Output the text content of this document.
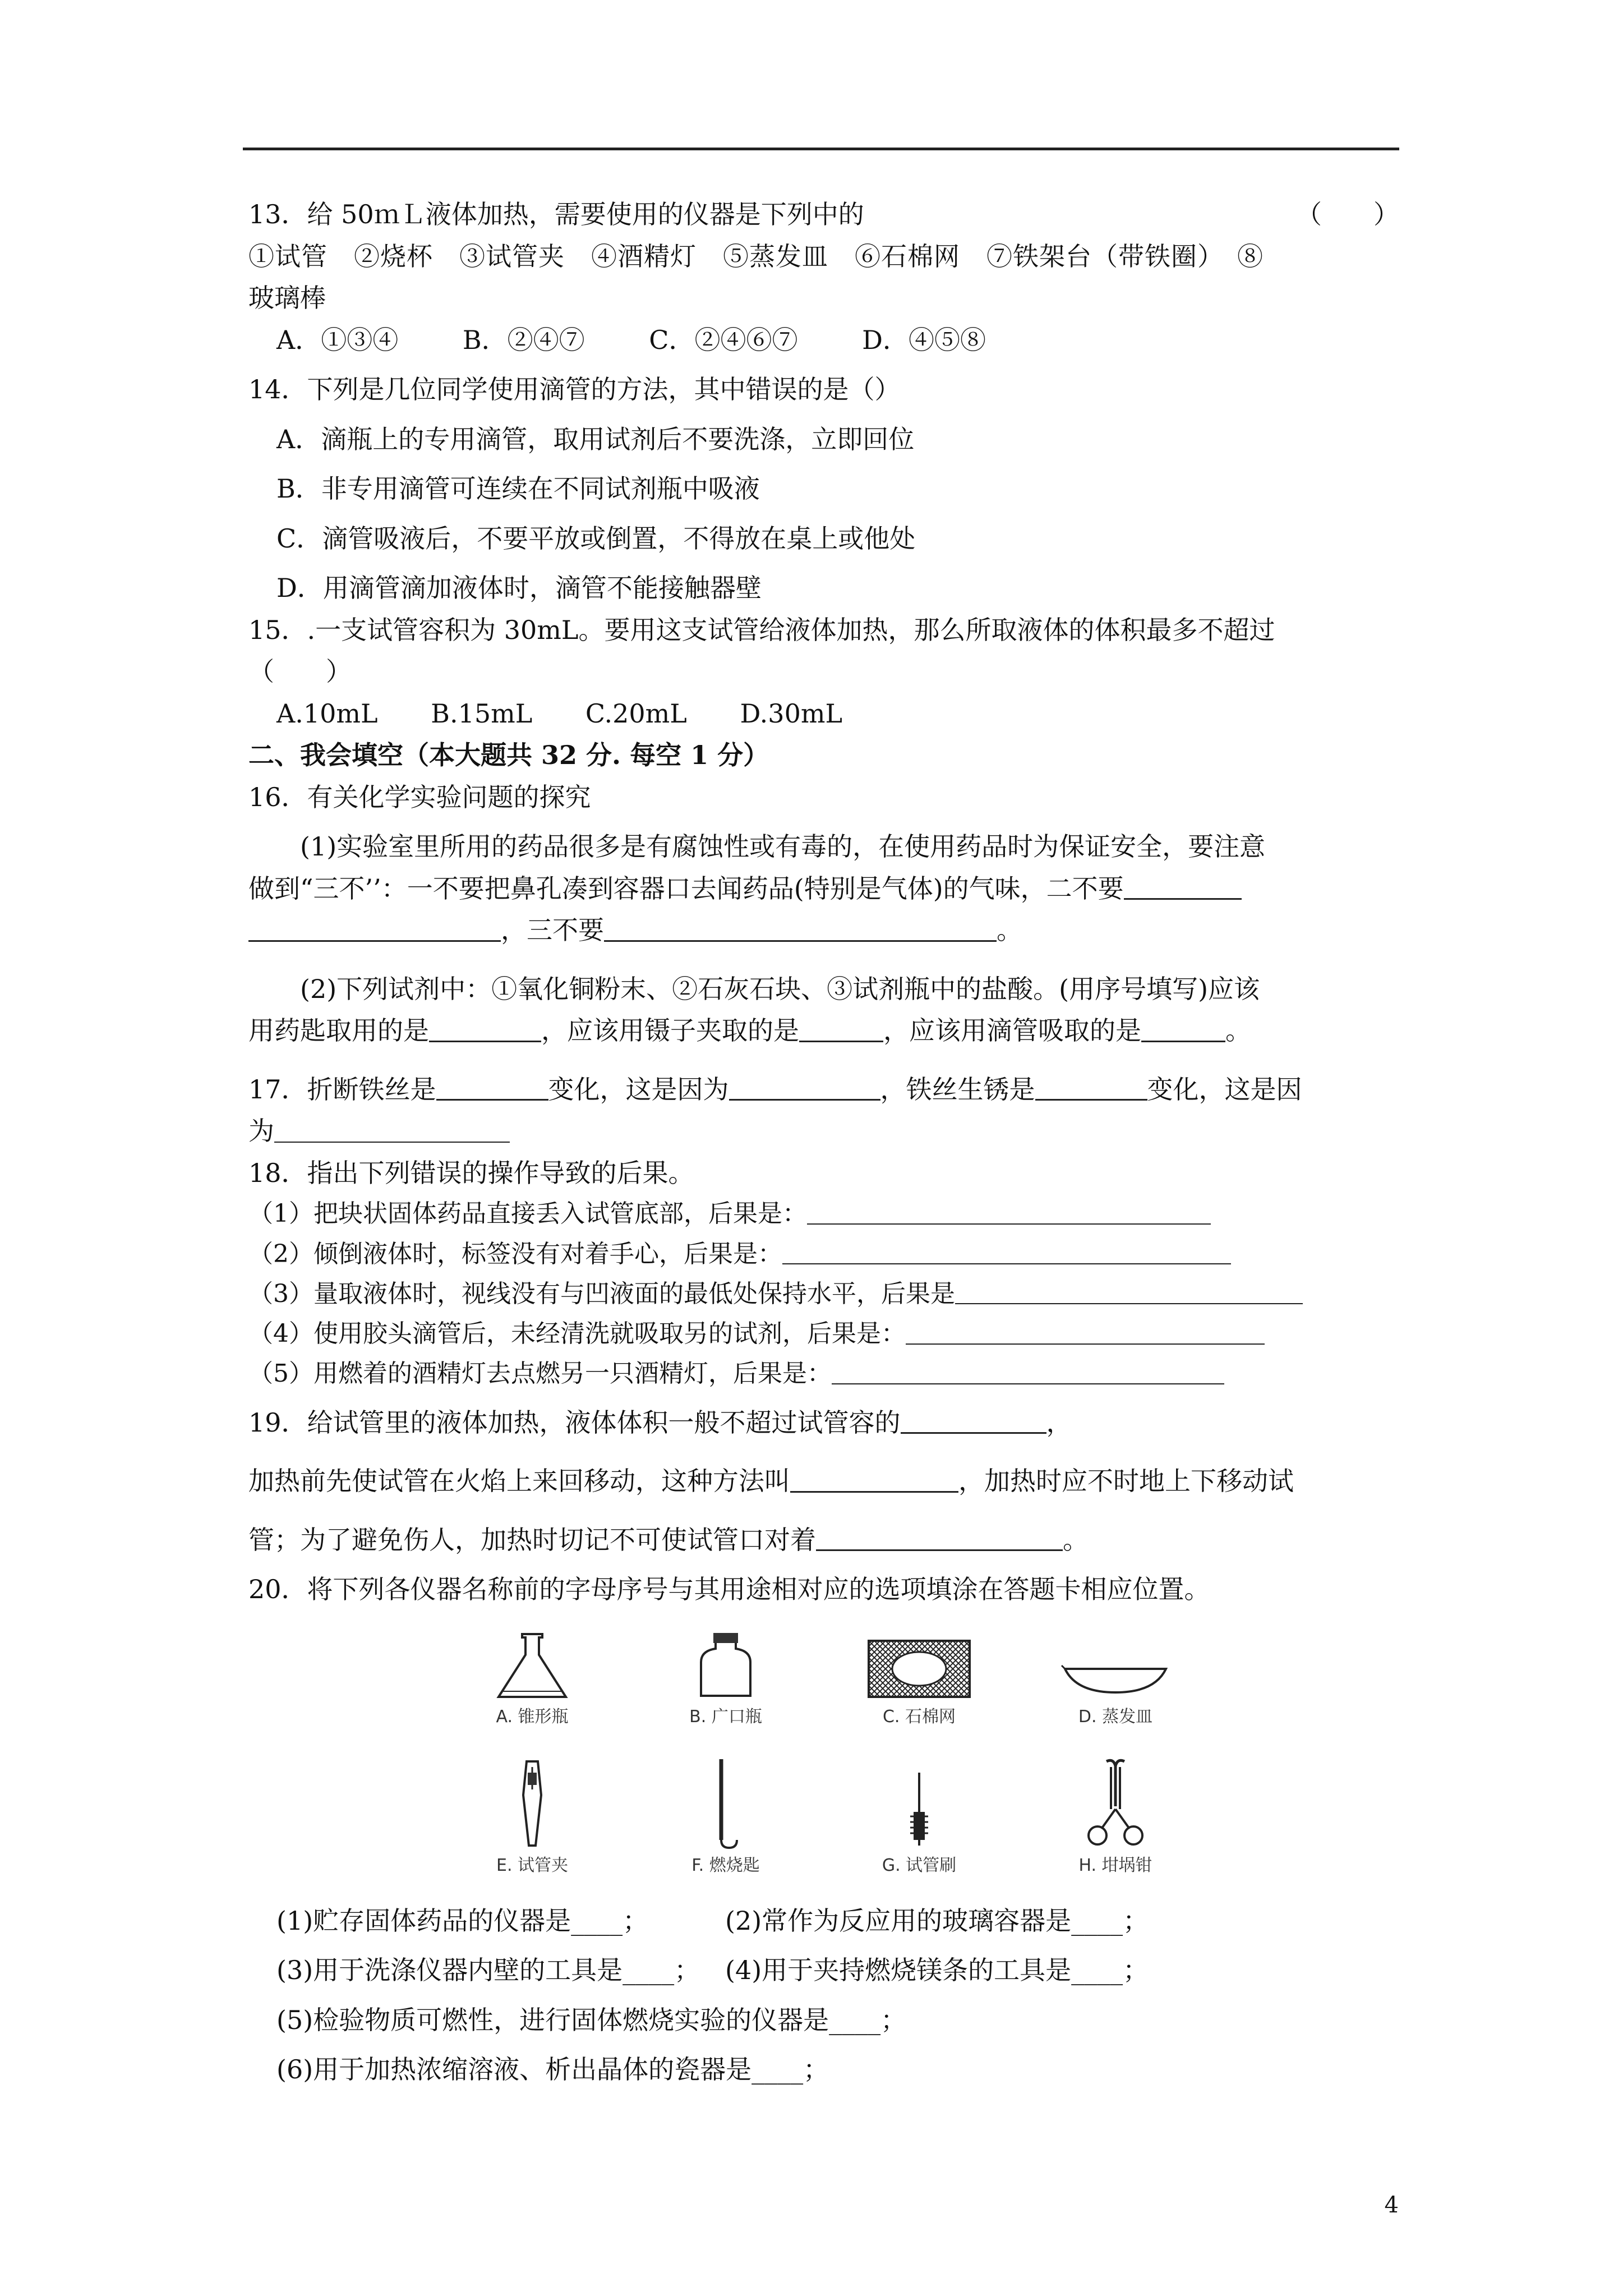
13．给 50ｍＬ液体加热，需要使用的仪器是下列中的	（　　）
①试管　②烧杯　③试管夹　④酒精灯　⑤蒸发皿　⑥石棉网　⑦铁架台（带铁圈）　⑧
玻璃棒
A．①③④ B．②④⑦ C．②④⑥⑦ D．④⑤⑧
14．下列是几位同学使用滴管的方法，其中错误的是（）
A．滴瓶上的专用滴管，取用试剂后不要洗涤，立即回位
B．非专用滴管可连续在不同试剂瓶中吸液
C．滴管吸液后，不要平放或倒置，不得放在桌上或他处
D．用滴管滴加液体时，滴管不能接触器壁
15．.一支试管容积为 30mL。要用这支试管给液体加热，那么所取液体的体积最多不超过
（　　）
A.10mL B.15mL C.20mL D.30mL
二、我会填空（本大题共 32 分. 每空 1 分）
16．有关化学实验问题的探究
(1)实验室里所用的药品很多是有腐蚀性或有毒的，在使用药品时为保证安全，要注意
做到“三不’’：一不要把鼻孔凑到容器口去闻药品(特别是气体)的气味，二不要
，三不要	。
(2)下列试剂中：①氧化铜粉末、②石灰石块、③试剂瓶中的盐酸。(用序号填写)应该
用药匙取用的是	，应该用镊子夹取的是	，应该用滴管吸取的是	。
17．折断铁丝是	变化，这是因为	，铁丝生锈是	变化，这是因
为
18．指出下列错误的操作导致的后果。
（1）把块状固体药品直接丢入试管底部，后果是：
（2）倾倒液体时，标签没有对着手心，后果是：
（3）量取液体时，视线没有与凹液面的最低处保持水平，后果是
（4）使用胶头滴管后，未经清洗就吸取另的试剂，后果是：
（5）用燃着的酒精灯去点燃另一只酒精灯，后果是：
19．给试管里的液体加热，液体体积一般不超过试管容的	，
加热前先使试管在火焰上来回移动，这种方法叫	，加热时应不时地上下移动试
管；为了避免伤人，加热时切记不可使试管口对着	。
20．将下列各仪器名称前的字母序号与其用途相对应的选项填涂在答题卡相应位置。
A. 锥形瓶	B. 广口瓶	C. 石棉网	D. 蒸发皿
E. 试管夹	F. 燃烧匙	G. 试管刷	H. 坩埚钳
(1)贮存固体药品的仪器是____；	(2)常作为反应用的玻璃容器是____；
(3)用于洗涤仪器内壁的工具是____； (4)用于夹持燃烧镁条的工具是____；
(5)检验物质可燃性，进行固体燃烧实验的仪器是____；
(6)用于加热浓缩溶液、析出晶体的瓷器是____；
4
